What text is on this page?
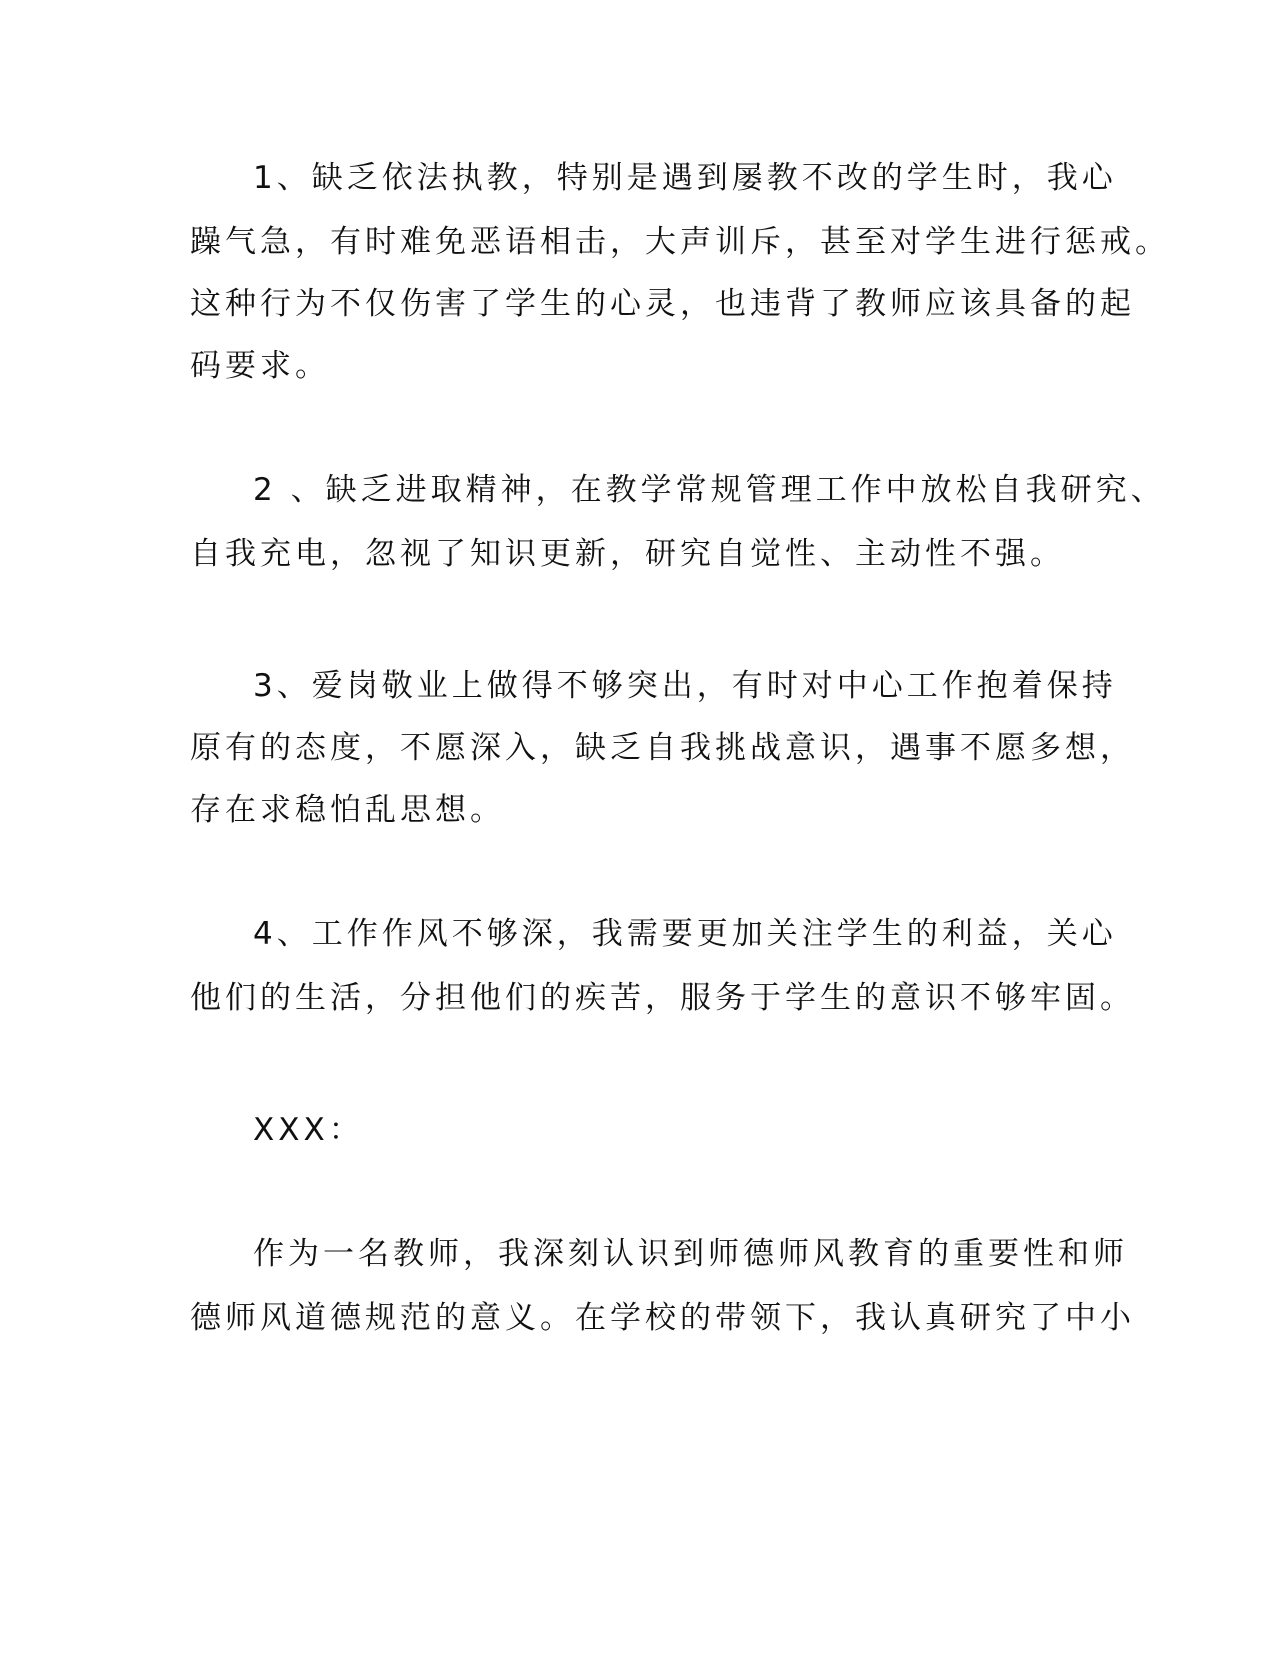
1、缺乏依法执教，特别是遇到屡教不改的学生时，我心
躁气急，有时难免恶语相击，大声训斥，甚至对学生进行惩戒。
这种行为不仅伤害了学生的心灵，也违背了教师应该具备的起
码要求。
2 、缺乏进取精神，在教学常规管理工作中放松自我研究、
自我充电，忽视了知识更新，研究自觉性、主动性不强。
3、爱岗敬业上做得不够突出，有时对中心工作抱着保持
原有的态度，不愿深入，缺乏自我挑战意识，遇事不愿多想，
存在求稳怕乱思想。
4、工作作风不够深，我需要更加关注学生的利益，关心
他们的生活，分担他们的疾苦，服务于学生的意识不够牢固。
XXX：
作为一名教师，我深刻认识到师德师风教育的重要性和师
德师风道德规范的意义。在学校的带领下，我认真研究了中小
